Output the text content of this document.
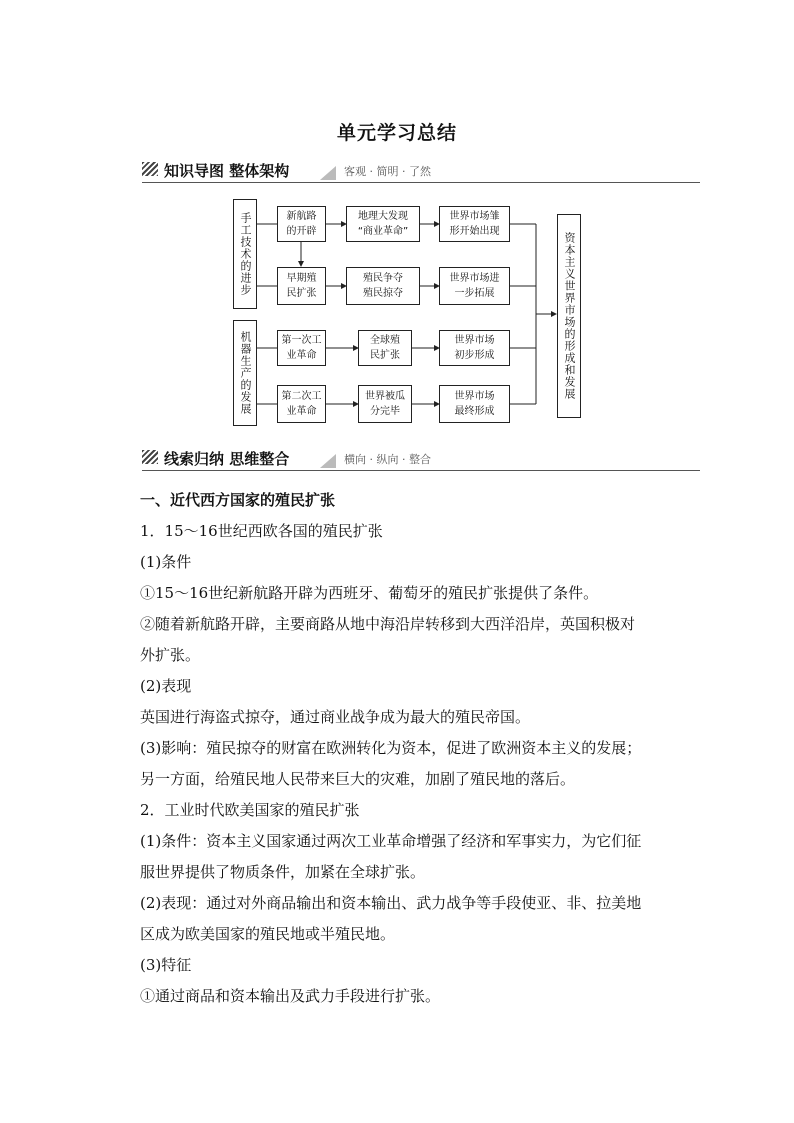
单元学习总结
知识导图 整体架构	客观 · 简明 · 了然
手工技术的进步
机器生产的发展	资本主义世界市场的形成和发展
新航路
的开辟
地理大发现
“商业革命”
世界市场雏
形开始出现
早期殖
民扩张
殖民争夺
殖民掠夺
世界市场进
一步拓展
第一次工
业革命
全球殖
民扩张
世界市场
初步形成
第二次工
业革命
世界被瓜
分完毕
世界市场
最终形成
线索归纳 思维整合	横向 · 纵向 · 整合

一、近代西方国家的殖民扩张

1．15～16世纪西欧各国的殖民扩张

(1)条件

①15～16世纪新航路开辟为西班牙、葡萄牙的殖民扩张提供了条件。

②随着新航路开辟，主要商路从地中海沿岸转移到大西洋沿岸，英国积极对

外扩张。

(2)表现

英国进行海盗式掠夺，通过商业战争成为最大的殖民帝国。

(3)影响：殖民掠夺的财富在欧洲转化为资本，促进了欧洲资本主义的发展；

另一方面，给殖民地人民带来巨大的灾难，加剧了殖民地的落后。

2．工业时代欧美国家的殖民扩张

(1)条件：资本主义国家通过两次工业革命增强了经济和军事实力，为它们征

服世界提供了物质条件，加紧在全球扩张。

(2)表现：通过对外商品输出和资本输出、武力战争等手段使亚、非、拉美地

区成为欧美国家的殖民地或半殖民地。

(3)特征

①通过商品和资本输出及武力手段进行扩张。
